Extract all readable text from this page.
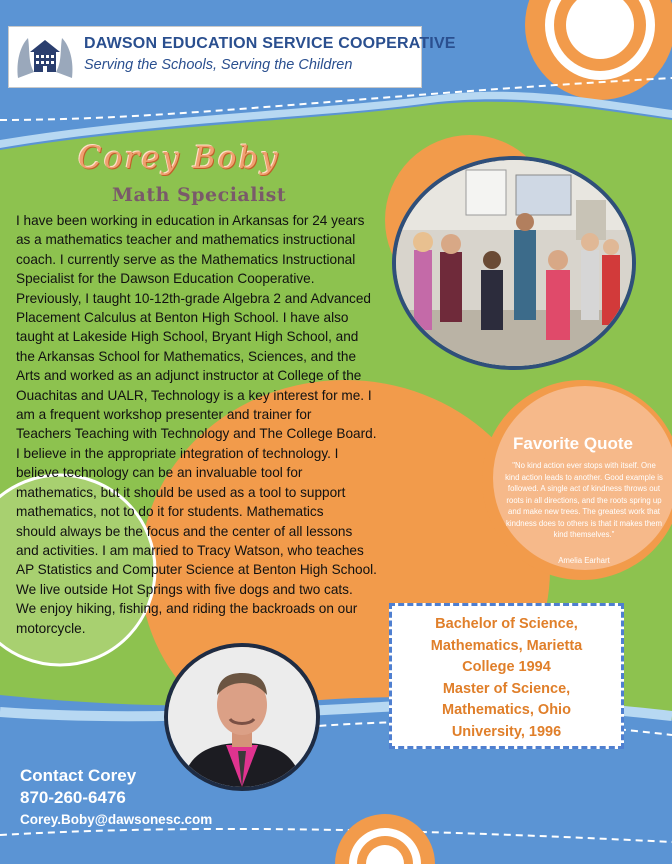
DAWSON EDUCATION SERVICE COOPERATIVE
Serving the Schools, Serving the Children
Corey Boby
Math Specialist

I have been working in education in Arkansas for 24 years

as a mathematics teacher and mathematics instructional

coach. I currently serve as the Mathematics Instructional

Specialist for the Dawson Education Cooperative.

Previously, I taught 10-12th-grade Algebra 2 and Advanced

Placement Calculus at Benton High School. I have also

taught at Lakeside High School, Bryant High School, and

the Arkansas School for Mathematics, Sciences, and the

Arts and worked as an adjunct instructor at College of the

Ouachitas and UALR, Technology is a key interest for me. I

am a frequent workshop presenter and trainer for

Teachers Teaching with Technology and The College Board.

I believe in the appropriate integration of technology. I

believe technology can be an invaluable tool for

mathematics, but it should be used as a tool to support

mathematics, not to do it for students. Mathematics

should always be the focus and the center of all lessons

and activities. I am married to Tracy Watson, who teaches

AP Statistics and Computer Science at Benton High School.

We live outside Hot Springs with five dogs and two cats.

We enjoy hiking, fishing, and riding the backroads on our

motorcycle.

Favorite Quote
"No kind action ever stops with itself. One kind action leads to another. Good example is followed. A single act of kindness throws out roots in all directions, and the roots spring up and make new trees. The greatest work that kindness does to others is that it makes them kind themselves."
Amelia Earhart
Bachelor of Science,
Mathematics, Marietta
College 1994
Master of Science,
Mathematics, Ohio
University, 1996
Contact Corey
870-260-6476
Corey.Boby@dawsonesc.com
